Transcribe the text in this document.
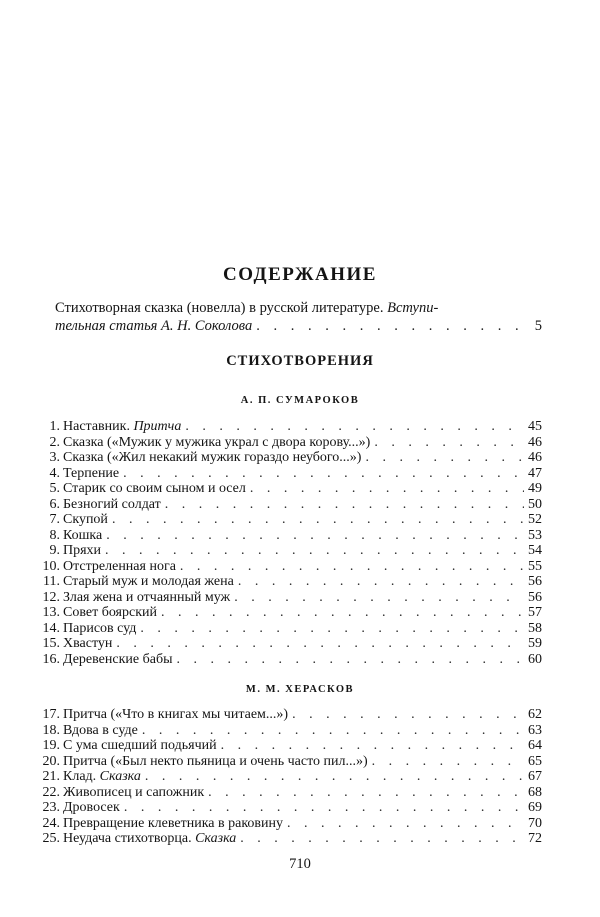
СОДЕРЖАНИЕ
Стихотворная сказка (новелла) в русской литературе. Вступи-
тельная статья А. Н. Соколова . . .	5
СТИХОТВОРЕНИЯ
А. П. СУМАРОКОВ
1. Наставник. Притча . . .	45
2. Сказка («Мужик у мужика украл с двора корову...») . . .	46
3. Сказка («Жил некакий мужик гораздо неубого...») . . .	46
4. Терпение . . .	47
5. Старик со своим сыном и осел . . .	49
6. Безногий солдат . . .	50
7. Скупой . . .	52
8. Кошка . . .	53
9. Пряхи . . .	54
10. Отстреленная нога . . .	55
11. Старый муж и молодая жена . . .	56
12. Злая жена и отчаянный муж . . .	56
13. Совет боярский . . .	57
14. Парисов суд . . .	58
15. Хвастун . . .	59
16. Деревенские бабы . . .	60
М. М. ХЕРАСКОВ
17. Притча («Что в книгах мы читаем...») . . .	62
18. Вдова в суде . . .	63
19. С ума сшедший подьячий . . .	64
20. Притча («Был некто пьяница и очень часто пил...») . . .	65
21. Клад. Сказка . . .	67
22. Живописец и сапожник . . .	68
23. Дровосек . . .	69
24. Превращение клеветника в раковину . . .	70
25. Неудача стихотворца. Сказка . . .	72
710
